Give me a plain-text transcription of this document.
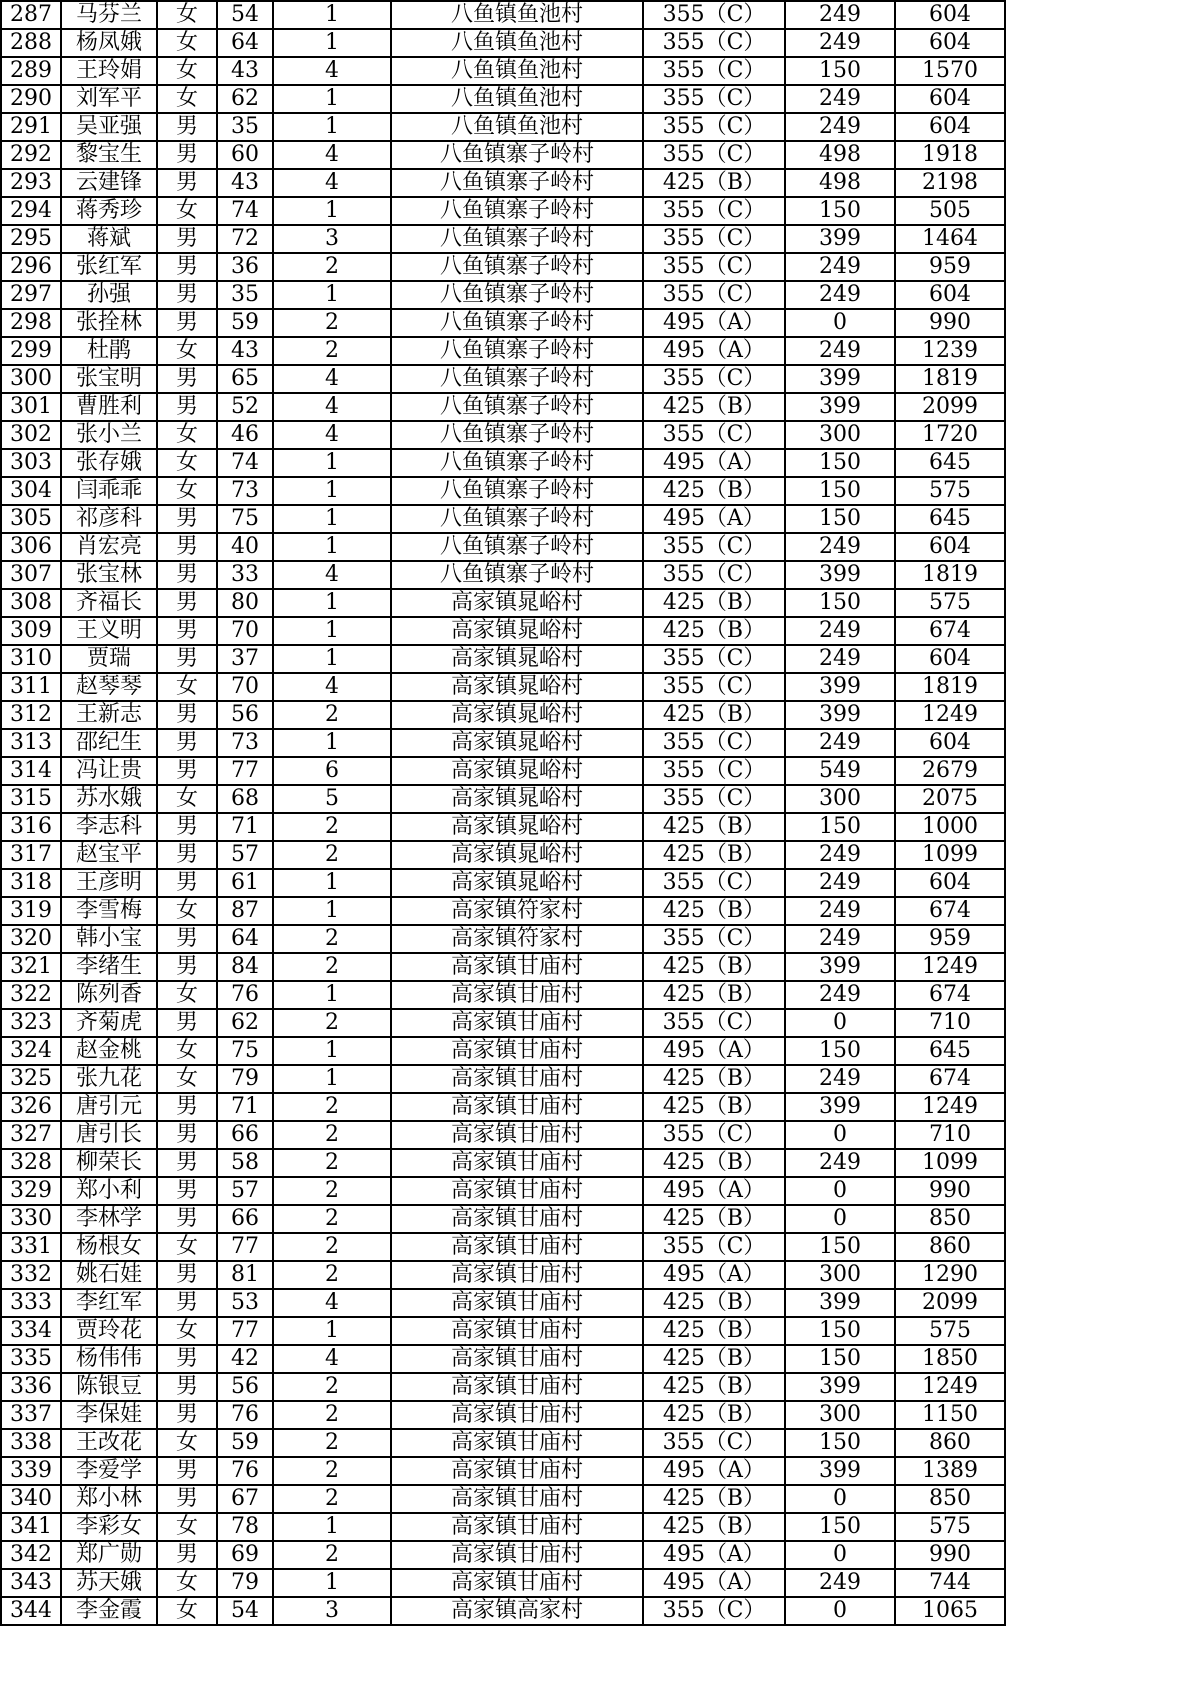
287	马芬兰	女	54	1	八鱼镇鱼池村	355（C）	249	604
288	杨凤娥	女	64	1	八鱼镇鱼池村	355（C）	249	604
289	王玲娟	女	43	4	八鱼镇鱼池村	355（C）	150	1570
290	刘军平	女	62	1	八鱼镇鱼池村	355（C）	249	604
291	吴亚强	男	35	1	八鱼镇鱼池村	355（C）	249	604
292	黎宝生	男	60	4	八鱼镇寨子岭村	355（C）	498	1918
293	云建锋	男	43	4	八鱼镇寨子岭村	425（B）	498	2198
294	蒋秀珍	女	74	1	八鱼镇寨子岭村	355（C）	150	505
295	蒋斌	男	72	3	八鱼镇寨子岭村	355（C）	399	1464
296	张红军	男	36	2	八鱼镇寨子岭村	355（C）	249	959
297	孙强	男	35	1	八鱼镇寨子岭村	355（C）	249	604
298	张拴林	男	59	2	八鱼镇寨子岭村	495（A）	0	990
299	杜鹃	女	43	2	八鱼镇寨子岭村	495（A）	249	1239
300	张宝明	男	65	4	八鱼镇寨子岭村	355（C）	399	1819
301	曹胜利	男	52	4	八鱼镇寨子岭村	425（B）	399	2099
302	张小兰	女	46	4	八鱼镇寨子岭村	355（C）	300	1720
303	张存娥	女	74	1	八鱼镇寨子岭村	495（A）	150	645
304	闫乖乖	女	73	1	八鱼镇寨子岭村	425（B）	150	575
305	祁彦科	男	75	1	八鱼镇寨子岭村	495（A）	150	645
306	肖宏亮	男	40	1	八鱼镇寨子岭村	355（C）	249	604
307	张宝林	男	33	4	八鱼镇寨子岭村	355（C）	399	1819
308	齐福长	男	80	1	高家镇晁峪村	425（B）	150	575
309	王义明	男	70	1	高家镇晁峪村	425（B）	249	674
310	贾瑞	男	37	1	高家镇晁峪村	355（C）	249	604
311	赵琴琴	女	70	4	高家镇晁峪村	355（C）	399	1819
312	王新志	男	56	2	高家镇晁峪村	425（B）	399	1249
313	邵纪生	男	73	1	高家镇晁峪村	355（C）	249	604
314	冯让贵	男	77	6	高家镇晁峪村	355（C）	549	2679
315	苏水娥	女	68	5	高家镇晁峪村	355（C）	300	2075
316	李志科	男	71	2	高家镇晁峪村	425（B）	150	1000
317	赵宝平	男	57	2	高家镇晁峪村	425（B）	249	1099
318	王彦明	男	61	1	高家镇晁峪村	355（C）	249	604
319	李雪梅	女	87	1	高家镇符家村	425（B）	249	674
320	韩小宝	男	64	2	高家镇符家村	355（C）	249	959
321	李绪生	男	84	2	高家镇甘庙村	425（B）	399	1249
322	陈列香	女	76	1	高家镇甘庙村	425（B）	249	674
323	齐菊虎	男	62	2	高家镇甘庙村	355（C）	0	710
324	赵金桃	女	75	1	高家镇甘庙村	495（A）	150	645
325	张九花	女	79	1	高家镇甘庙村	425（B）	249	674
326	唐引元	男	71	2	高家镇甘庙村	425（B）	399	1249
327	唐引长	男	66	2	高家镇甘庙村	355（C）	0	710
328	柳荣长	男	58	2	高家镇甘庙村	425（B）	249	1099
329	郑小利	男	57	2	高家镇甘庙村	495（A）	0	990
330	李林学	男	66	2	高家镇甘庙村	425（B）	0	850
331	杨根女	女	77	2	高家镇甘庙村	355（C）	150	860
332	姚石娃	男	81	2	高家镇甘庙村	495（A）	300	1290
333	李红军	男	53	4	高家镇甘庙村	425（B）	399	2099
334	贾玲花	女	77	1	高家镇甘庙村	425（B）	150	575
335	杨伟伟	男	42	4	高家镇甘庙村	425（B）	150	1850
336	陈银豆	男	56	2	高家镇甘庙村	425（B）	399	1249
337	李保娃	男	76	2	高家镇甘庙村	425（B）	300	1150
338	王改花	女	59	2	高家镇甘庙村	355（C）	150	860
339	李爱学	男	76	2	高家镇甘庙村	495（A）	399	1389
340	郑小林	男	67	2	高家镇甘庙村	425（B）	0	850
341	李彩女	女	78	1	高家镇甘庙村	425（B）	150	575
342	郑广勋	男	69	2	高家镇甘庙村	495（A）	0	990
343	苏天娥	女	79	1	高家镇甘庙村	495（A）	249	744
344	李金霞	女	54	3	高家镇高家村	355（C）	0	1065
